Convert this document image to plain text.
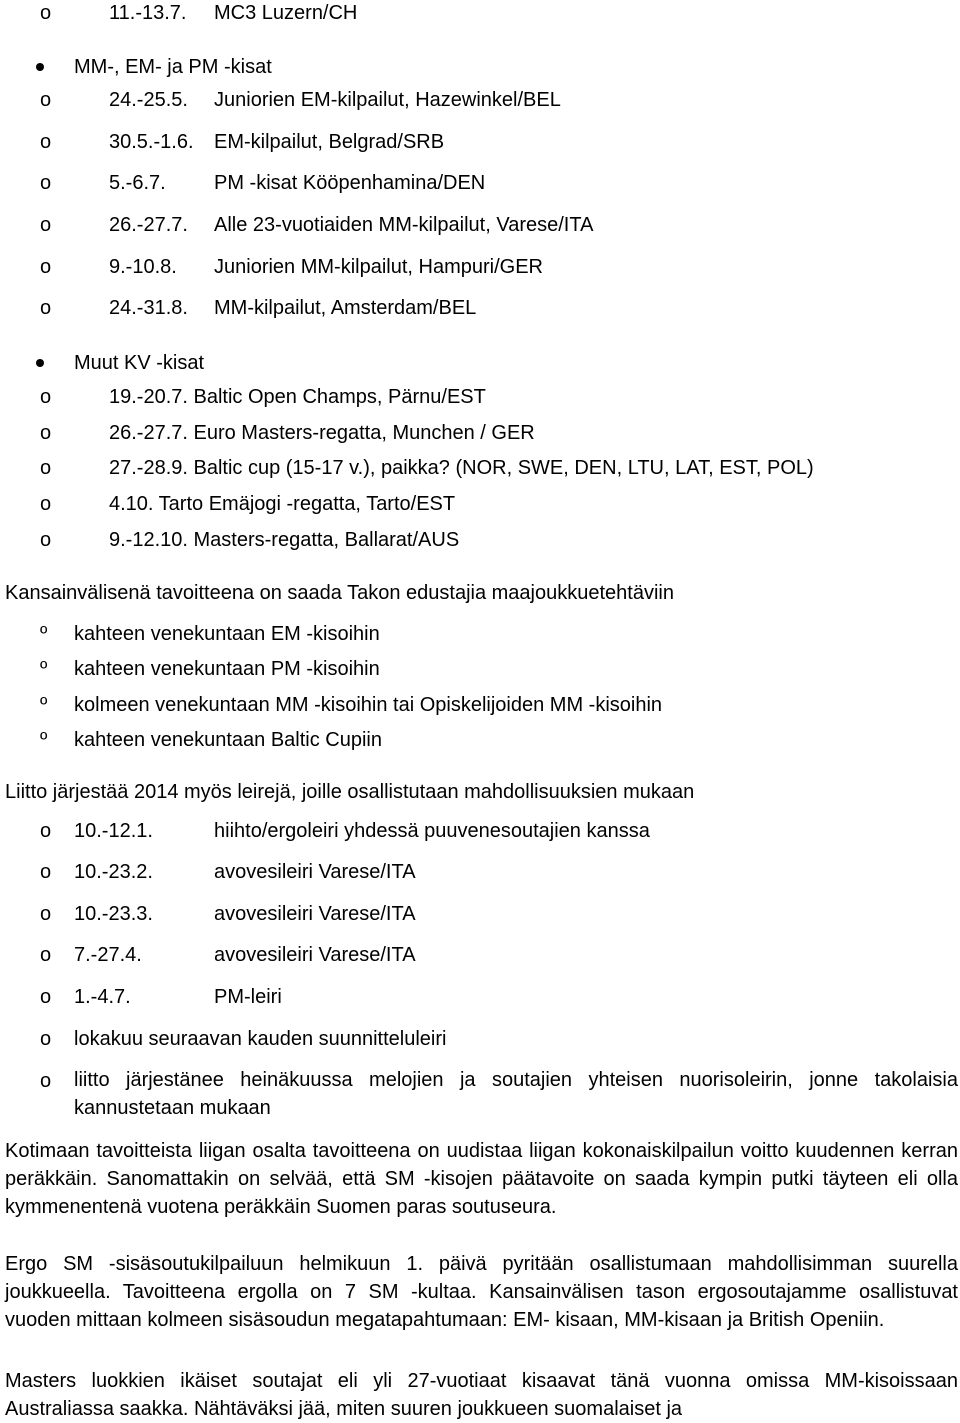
o	11.-13.7. MC3 Luzern/CH
MM-, EM- ja PM -kisat
o	24.-25.5. Juniorien EM-kilpailut, Hazewinkel/BEL
o	30.5.-1.6. EM-kilpailut, Belgrad/SRB
o	5.-6.7. PM -kisat Kööpenhamina/DEN
o	26.-27.7. Alle 23-vuotiaiden MM-kilpailut, Varese/ITA
o	9.-10.8. Juniorien MM-kilpailut, Hampuri/GER
o	24.-31.8. MM-kilpailut, Amsterdam/BEL
Muut KV -kisat
o	19.-20.7. Baltic Open Champs, Pärnu/EST
o	26.-27.7. Euro Masters-regatta, Munchen / GER
o	27.-28.9. Baltic cup (15-17 v.), paikka? (NOR, SWE, DEN, LTU, LAT, EST, POL)
o	4.10. Tarto Emäjogi -regatta, Tarto/EST
o	9.-12.10. Masters-regatta, Ballarat/AUS
Kansainvälisenä tavoitteena on saada Takon edustajia maajoukkuetehtäviin
º kahteen venekuntaan EM -kisoihin
º kahteen venekuntaan PM -kisoihin
º kolmeen venekuntaan MM -kisoihin tai Opiskelijoiden MM -kisoihin
º kahteen venekuntaan Baltic Cupiin
Liitto järjestää 2014 myös leirejä, joille osallistutaan mahdollisuuksien mukaan
o 10.-12.1.	hiihto/ergoleiri yhdessä puuvenesoutajien kanssa
o 10.-23.2.	avovesileiri Varese/ITA
o 10.-23.3.	avovesileiri Varese/ITA
o 7.-27.4.	avovesileiri Varese/ITA
o 1.-4.7.	PM-leiri
o lokakuu seuraavan kauden suunnitteluleiri
o liitto järjestänee heinäkuussa melojien ja soutajien yhteisen nuorisoleirin, jonne takolaisia kannustetaan mukaan
Kotimaan tavoitteista liigan osalta tavoitteena on uudistaa liigan kokonaiskilpailun voitto kuudennen kerran peräkkäin. Sanomattakin on selvää, että SM -kisojen päätavoite on saada kympin putki täyteen eli olla kymmenentenä vuotena peräkkäin Suomen paras soutuseura.
Ergo SM -sisäsoutukilpailuun helmikuun 1. päivä pyritään osallistumaan mahdollisimman suurella joukkueella. Tavoitteena ergolla on 7 SM -kultaa. Kansainvälisen tason ergosoutajamme osallistuvat vuoden mittaan kolmeen sisäsoudun megatapahtumaan: EM- kisaan, MM-kisaan ja British Openiin.
Masters luokkien ikäiset soutajat eli yli 27-vuotiaat kisaavat tänä vuonna omissa MM-kisoissaan Australiassa saakka. Nähtäväksi jää, miten suuren joukkueen suomalaiset ja
